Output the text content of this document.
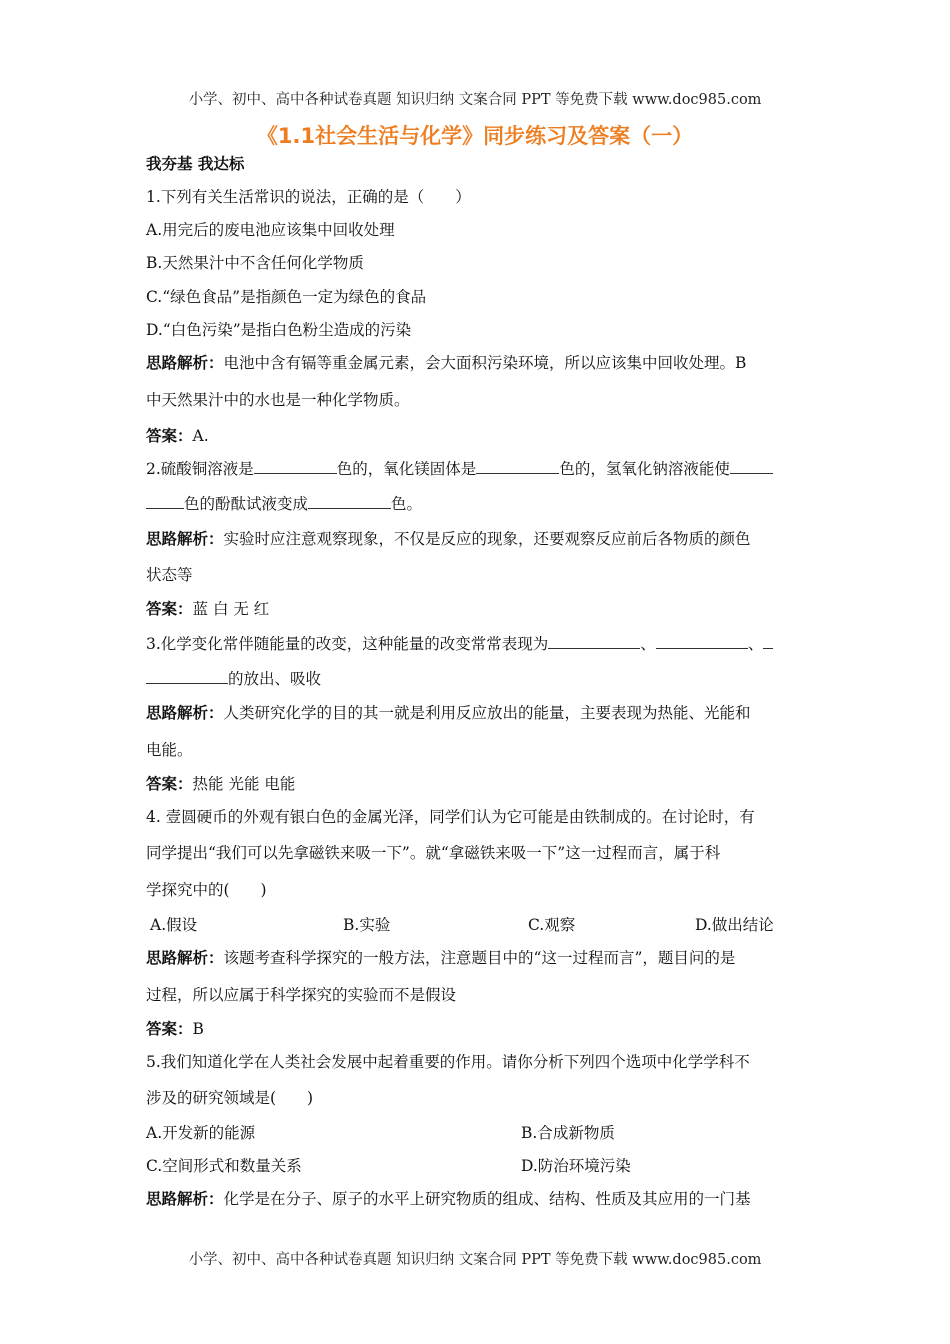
小学、初中、高中各种试卷真题 知识归纳 文案合同 PPT 等免费下载 www.doc985.com
《1.1社会生活与化学》同步练习及答案（一）
我夯基 我达标
1.下列有关生活常识的说法，正确的是（　　）
A.用完后的废电池应该集中回收处理
B.天然果汁中不含任何化学物质
C.“绿色食品”是指颜色一定为绿色的食品
D.“白色污染”是指白色粉尘造成的污染
思路解析：电池中含有镉等重金属元素，会大面积污染环境，所以应该集中回收处理。B
中天然果汁中的水也是一种化学物质。
答案：A.
2.硫酸铜溶液是	色的，氧化镁固体是	色的，氢氧化钠溶液能使
色的酚酞试液变成	色。
思路解析：实验时应注意观察现象，不仅是反应的现象，还要观察反应前后各物质的颜色
状态等
答案：蓝 白 无 红
3.化学变化常伴随能量的改变，这种能量的改变常常表现为	、	、
的放出、吸收
思路解析：人类研究化学的目的其一就是利用反应放出的能量，主要表现为热能、光能和
电能。
答案：热能 光能 电能
4. 壹圆硬币的外观有银白色的金属光泽，同学们认为它可能是由铁制成的。在讨论时，有
同学提出“我们可以先拿磁铁来吸一下”。就“拿磁铁来吸一下”这一过程而言，属于科
学探究中的(　　)
A.假设	B.实验	C.观察	D.做出结论
思路解析：该题考查科学探究的一般方法，注意题目中的“这一过程而言”，题目问的是
过程，所以应属于科学探究的实验而不是假设
答案：B
5.我们知道化学在人类社会发展中起着重要的作用。请你分析下列四个选项中化学学科不
涉及的研究领域是(　　)
A.开发新的能源	B.合成新物质
C.空间形式和数量关系	D.防治环境污染
思路解析：化学是在分子、原子的水平上研究物质的组成、结构、性质及其应用的一门基
小学、初中、高中各种试卷真题 知识归纳 文案合同 PPT 等免费下载 www.doc985.com
